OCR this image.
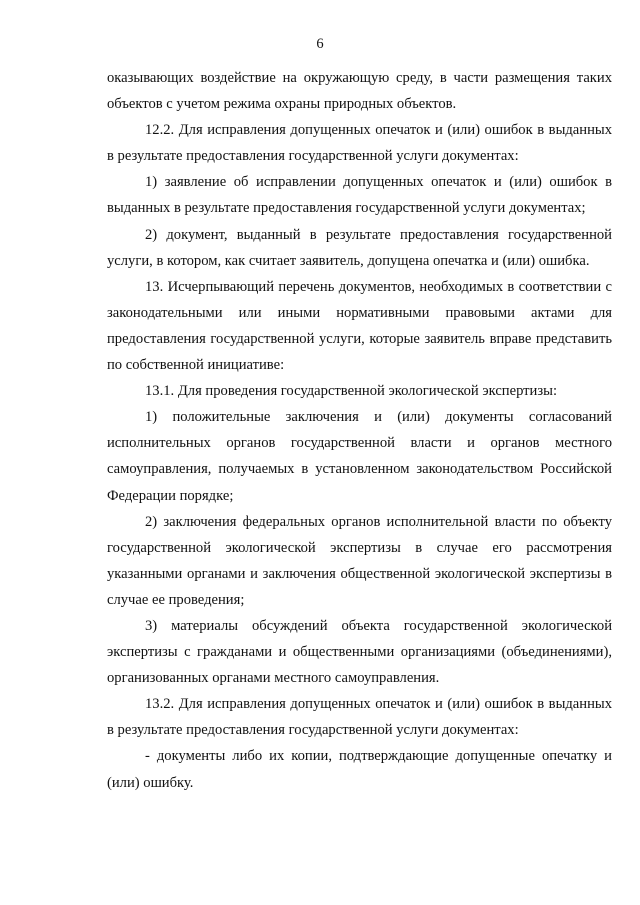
6

оказывающих воздействие на окружающую среду, в части размещения таких объектов с учетом режима охраны природных объектов.

12.2. Для исправления допущенных опечаток и (или) ошибок в выданных в результате предоставления государственной услуги документах:

1) заявление об исправлении допущенных опечаток и (или) ошибок в выданных в результате предоставления государственной услуги документах;

2) документ, выданный в результате предоставления государственной услуги, в котором, как считает заявитель, допущена опечатка и (или) ошибка.

13. Исчерпывающий перечень документов, необходимых в соответствии с законодательными или иными нормативными правовыми актами для предоставления государственной услуги, которые заявитель вправе представить по собственной инициативе:

13.1. Для проведения государственной экологической экспертизы:

1) положительные заключения и (или) документы согласований исполнительных органов государственной власти и органов местного самоуправления, получаемых в установленном законодательством Российской Федерации порядке;

2) заключения федеральных органов исполнительной власти по объекту государственной экологической экспертизы в случае его рассмотрения указанными органами и заключения общественной экологической экспертизы в случае ее проведения;

3) материалы обсуждений объекта государственной экологической экспертизы с гражданами и общественными организациями (объединениями), организованных органами местного самоуправления.

13.2. Для исправления допущенных опечаток и (или) ошибок в выданных в результате предоставления государственной услуги документах:

- документы либо их копии, подтверждающие допущенные опечатку и (или) ошибку.
